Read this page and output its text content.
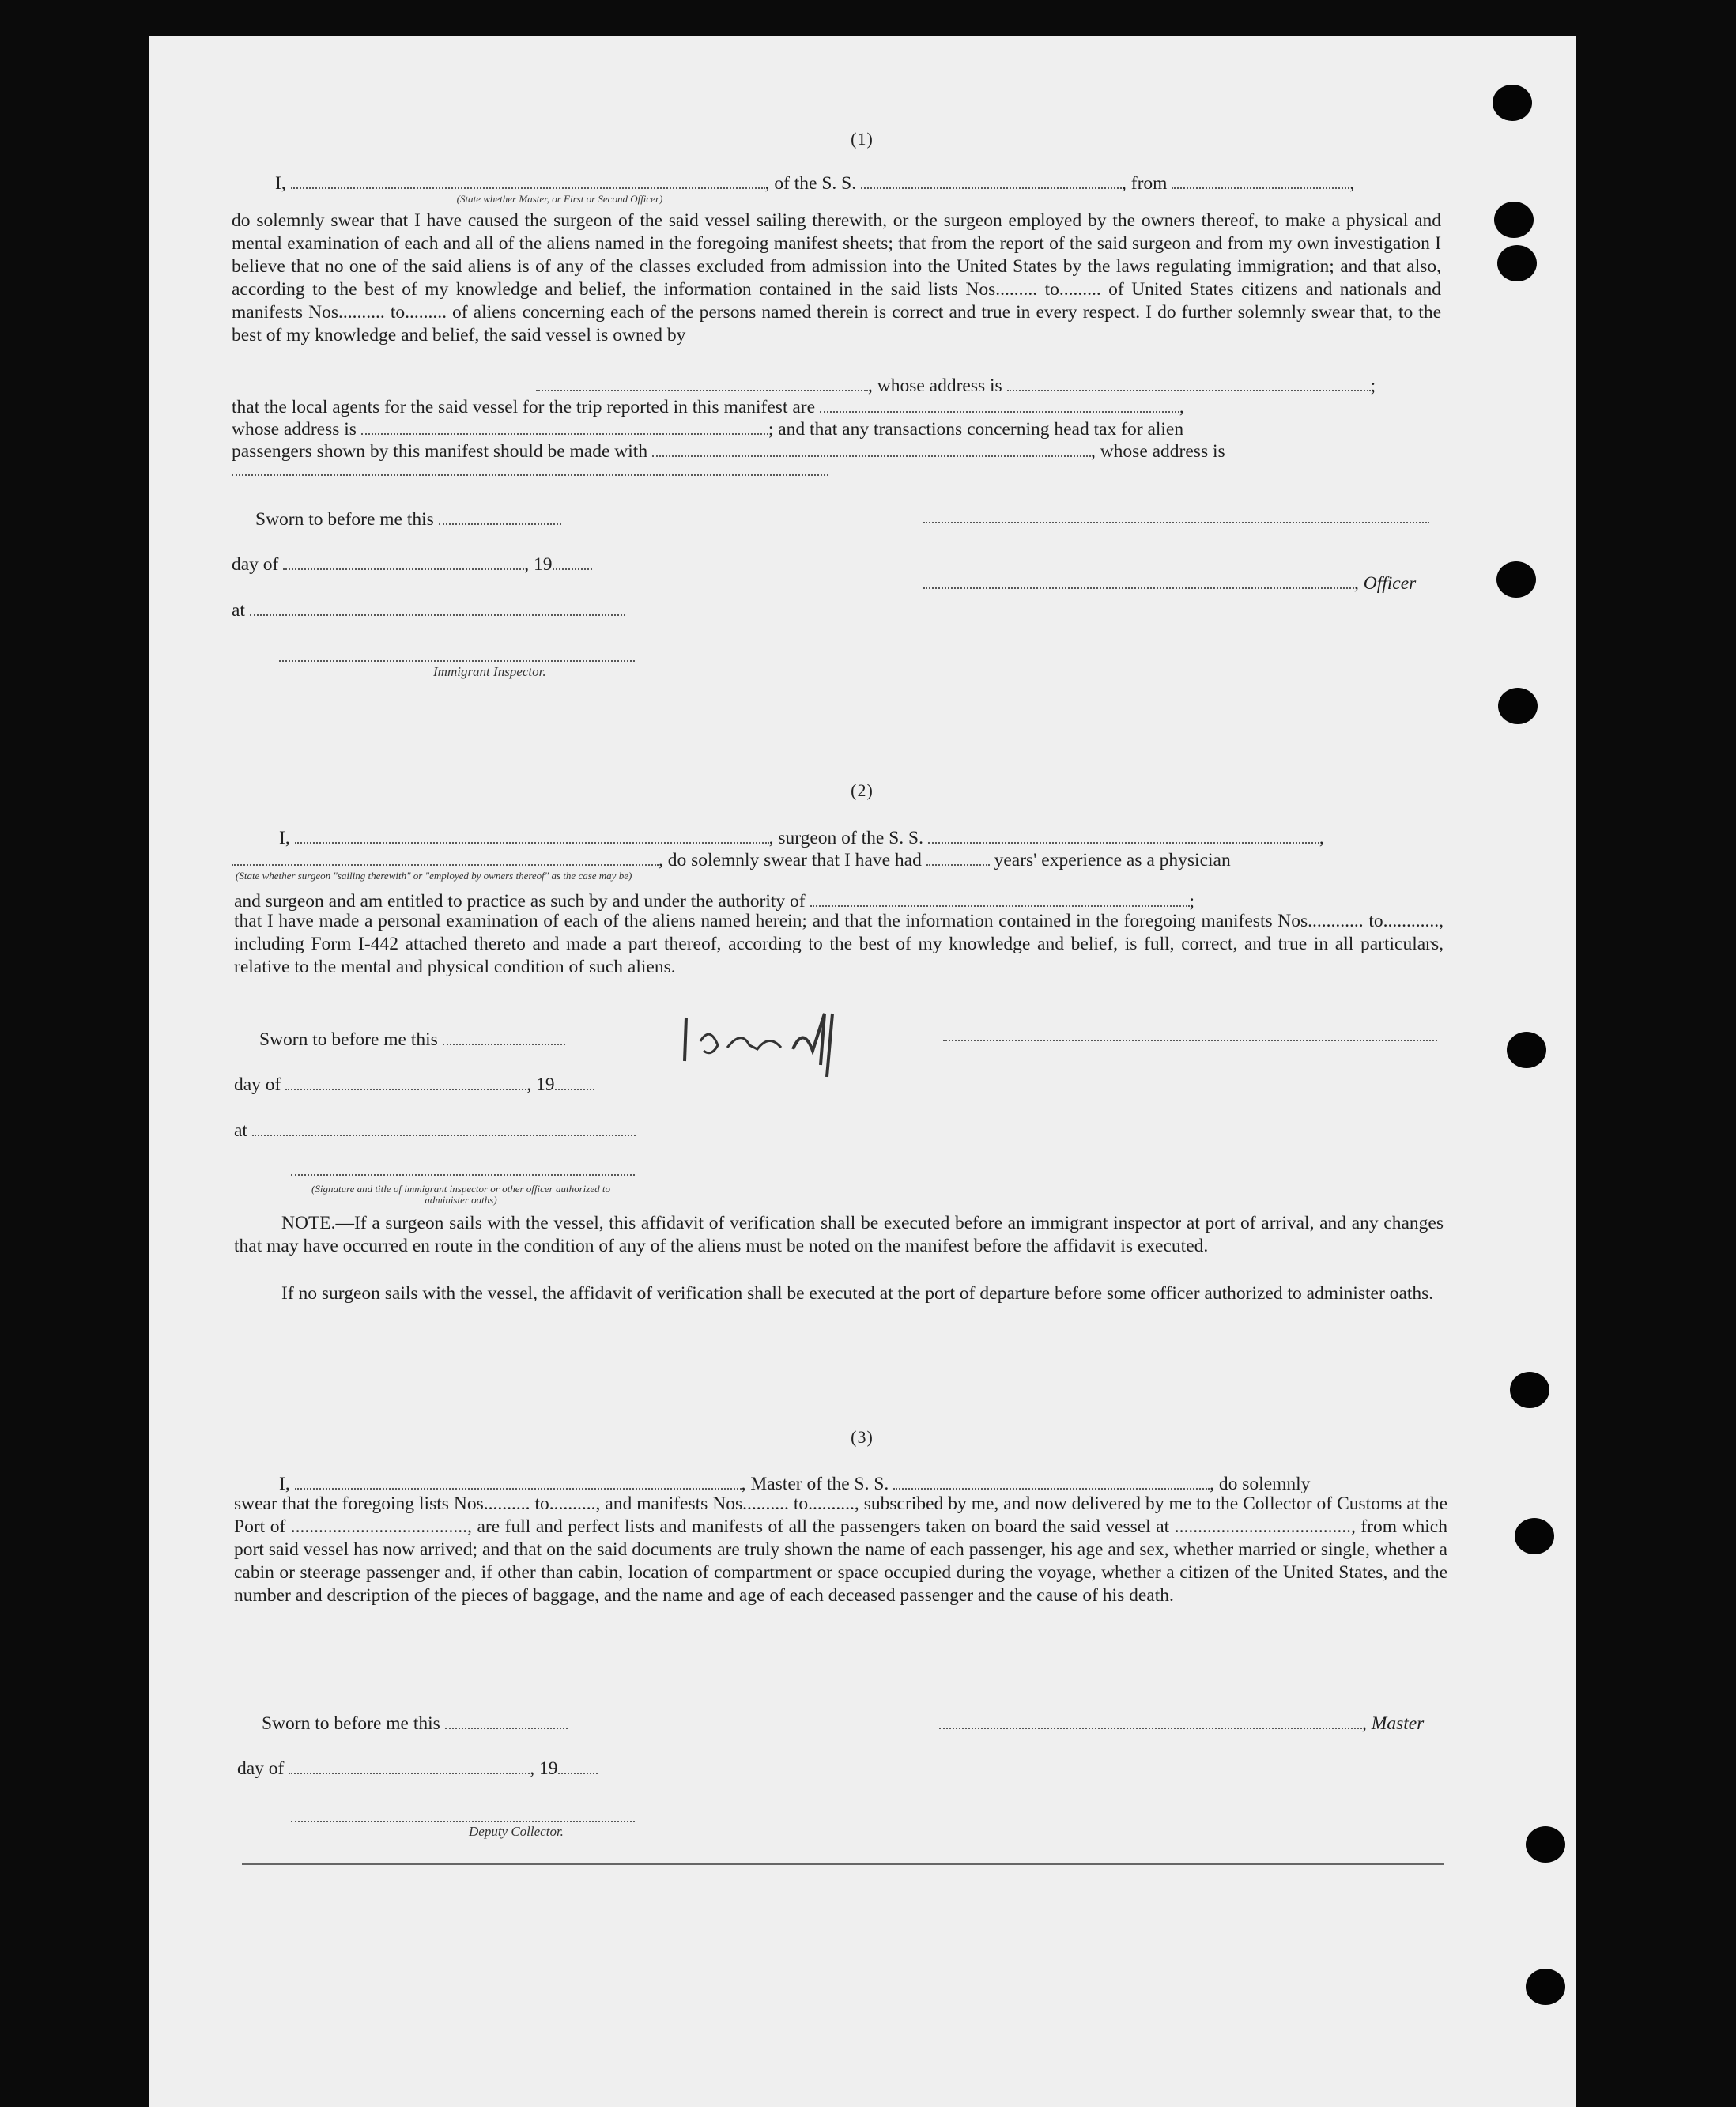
(1)
I,	, of the S. S.	, from	,
(State whether Master, or First or Second Officer)
do solemnly swear that I have caused the surgeon of the said vessel sailing therewith, or the surgeon employed by the owners thereof, to make a physical and mental examination of each and all of the aliens named in the foregoing manifest sheets; that from the report of the said surgeon and from my own investigation I believe that no one of the said aliens is of any of the classes excluded from admission into the United States by the laws regulating immigration; and that also, according to the best of my knowledge and belief, the information contained in the said lists Nos......... to......... of United States citizens and nationals and manifests Nos.......... to......... of aliens concerning each of the persons named therein is correct and true in every respect. I do further solemnly swear that, to the best of my knowledge and belief, the said vessel is owned by
, whose address is	;
that the local agents for the said vessel for the trip reported in this manifest are	,
whose address is	; and that any transactions concerning head tax for alien
passengers shown by this manifest should be made with	, whose address is
Sworn to before me this
day of	, 19
, Officer
at
Immigrant Inspector.
(2)
I,	, surgeon of the S. S.	,
, do solemnly swear that I have had	years' experience as a physician
(State whether surgeon "sailing therewith" or "employed by owners thereof" as the case may be)
and surgeon and am entitled to practice as such by and under the authority of	;
that I have made a personal examination of each of the aliens named herein; and that the information contained in the foregoing manifests Nos............ to............, including Form I-442 attached thereto and made a part thereof, according to the best of my knowledge and belief, is full, correct, and true in all particulars, relative to the mental and physical condition of such aliens.
Sworn to before me this
day of	, 19
at
(Signature and title of immigrant inspector or other officer authorized to administer oaths)
NOTE.—If a surgeon sails with the vessel, this affidavit of verification shall be executed before an immigrant inspector at port of arrival, and any changes that may have occurred en route in the condition of any of the aliens must be noted on the manifest before the affidavit is executed.
If no surgeon sails with the vessel, the affidavit of verification shall be executed at the port of departure before some officer authorized to administer oaths.
(3)
I,	, Master of the S. S.	, do solemnly
swear that the foregoing lists Nos.......... to.........., and manifests Nos.......... to.........., subscribed by me, and now delivered by me to the Collector of Customs at the Port of ......................................, are full and perfect lists and manifests of all the passengers taken on board the said vessel at ......................................, from which port said vessel has now arrived; and that on the said documents are truly shown the name of each passenger, his age and sex, whether married or single, whether a cabin or steerage passenger and, if other than cabin, location of compartment or space occupied during the voyage, whether a citizen of the United States, and the number and description of the pieces of baggage, and the name and age of each deceased passenger and the cause of his death.
Sworn to before me this	, Master
day of	, 19
Deputy Collector.
